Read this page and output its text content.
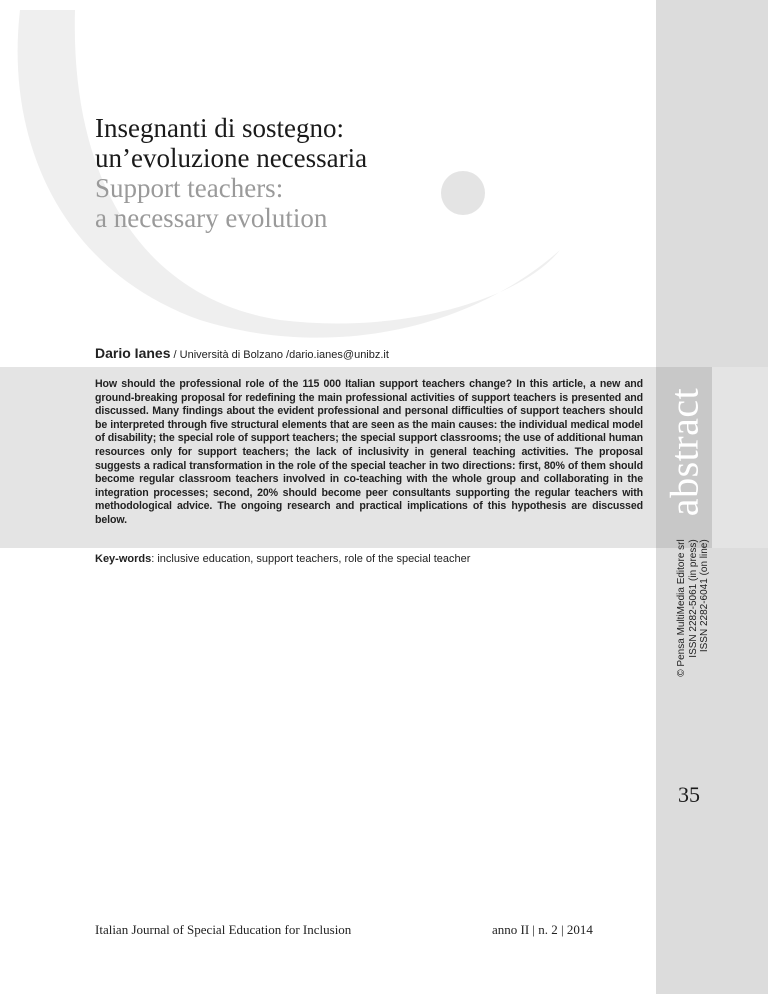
abstract
Insegnanti di sostegno:
un’evoluzione necessaria
Support teachers:
a necessary evolution
Dario Ianes / Università di Bolzano /dario.ianes@unibz.it
How should the professional role of the 115 000 Italian support teachers change? In this article, a new and ground-breaking proposal for redefining the main professional activities of support teachers is presented and discussed. Many findings about the evident professional and personal difficulties of support teachers should be interpreted through five structural elements that are seen as the main causes: the individual medical model of disability; the special role of support teachers; the special support classrooms; the use of additional human resources only for support teachers; the lack of inclusivity in general teaching activities. The proposal suggests a radical transformation in the role of the special teacher in two directions: first, 80% of them should become regular classroom teachers involved in co-teaching with the whole group and collaborating in the integration processes; second, 20% should become peer consultants supporting the regular teachers with methodological advice. The ongoing research and practical implications of this hypothesis are discussed below.
Key-words: inclusive education, support teachers, role of the special teacher	© Pensa MultiMedia Editore srl ISSN 2282-5061 (in press) ISSN 2282-6041 (on line)
35
Italian Journal of Special Education for Inclusion	anno II | n. 2 | 2014
